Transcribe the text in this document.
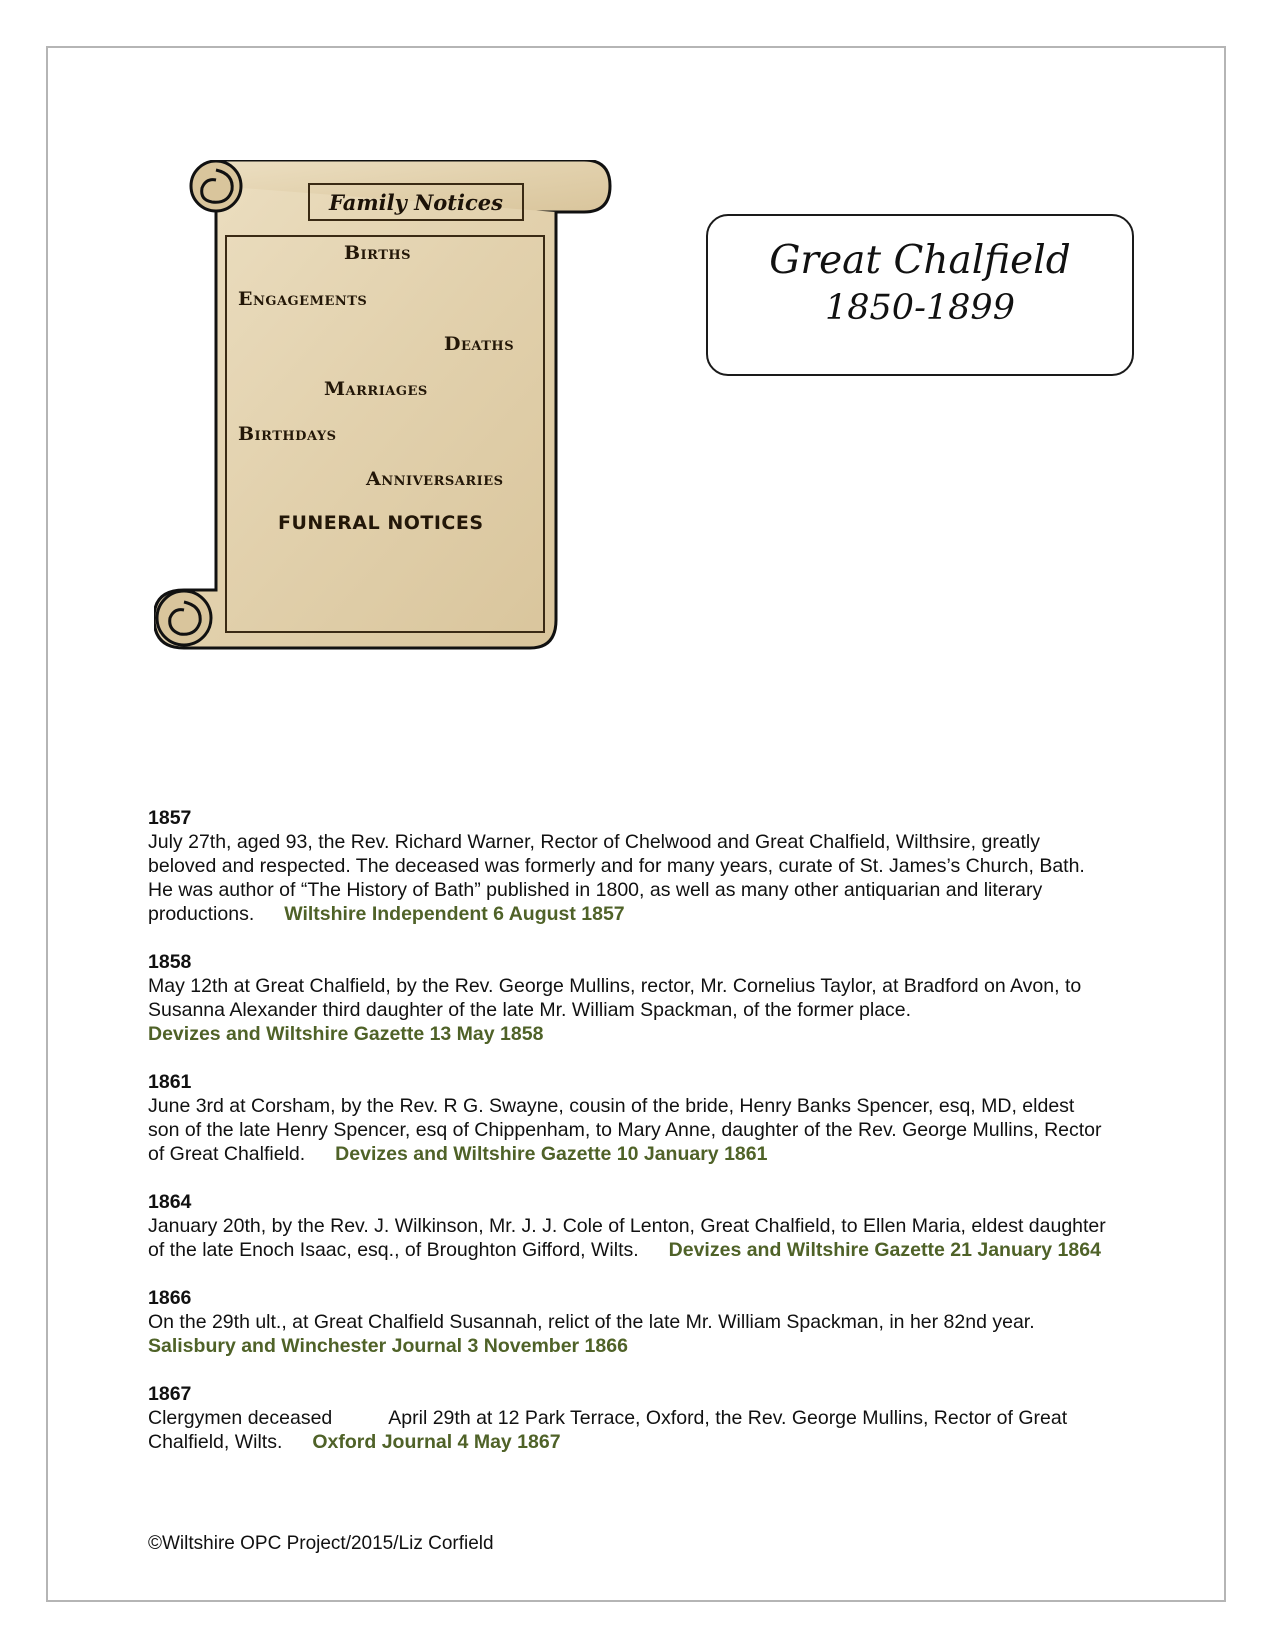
Family Notices
Births
Engagements
Deaths
Marriages
Birthdays
Anniversaries
FUNERAL NOTICES
Great Chalfield
1850-1899
1857
July 27th, aged 93, the Rev. Richard Warner, Rector of Chelwood and Great Chalfield, Wilthsire, greatly beloved and respected. The deceased was formerly and for many years, curate of St. James’s Church, Bath. He was author of “The History of Bath” published in 1800, as well as many other antiquarian and literary productions. Wiltshire Independent 6 August 1857
1858
May 12th at Great Chalfield, by the Rev. George Mullins, rector, Mr. Cornelius Taylor, at Bradford on Avon, to Susanna Alexander third daughter of the late Mr. William Spackman, of the former place.
Devizes and Wiltshire Gazette 13 May 1858
1861
June 3rd at Corsham, by the Rev. R G. Swayne, cousin of the bride, Henry Banks Spencer, esq, MD, eldest son of the late Henry Spencer, esq of Chippenham, to Mary Anne, daughter of the Rev. George Mullins, Rector of Great Chalfield. Devizes and Wiltshire Gazette 10 January 1861
1864
January 20th, by the Rev. J. Wilkinson, Mr. J. J. Cole of Lenton, Great Chalfield, to Ellen Maria, eldest daughter of the late Enoch Isaac, esq., of Broughton Gifford, Wilts. Devizes and Wiltshire Gazette 21 January 1864
1866
On the 29th ult., at Great Chalfield Susannah, relict of the late Mr. William Spackman, in her 82nd year.
Salisbury and Winchester Journal 3 November 1866
1867
Clergymen deceased	April 29th at 12 Park Terrace, Oxford, the Rev. George Mullins, Rector of Great Chalfield, Wilts. Oxford Journal 4 May 1867
©Wiltshire OPC Project/2015/Liz Corfield
